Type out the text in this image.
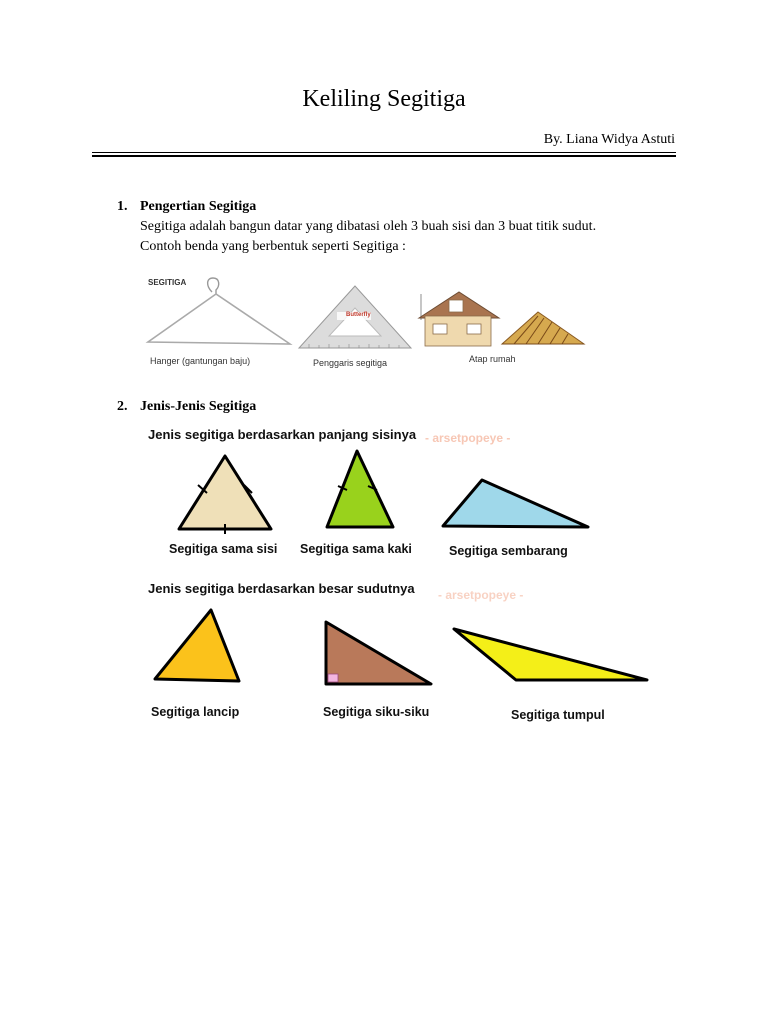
Keliling Segitiga
By. Liana Widya Astuti
1. Pengertian Segitiga
Segitiga adalah bangun datar yang dibatasi oleh 3 buah sisi dan 3 buat titik sudut.
Contoh benda yang berbentuk seperti Segitiga :
SEGITIGA
Hanger (gantungan baju)
Butterfly
Penggaris segitiga	Atap rumah
2. Jenis-Jenis Segitiga
Jenis segitiga berdasarkan panjang sisinya - arsetpopeye -
Segitiga sama sisi Segitiga sama kaki	Segitiga sembarang
Jenis segitiga berdasarkan besar sudutnya - arsetpopeye -
Segitiga lancip	Segitiga siku-siku	Segitiga tumpul
